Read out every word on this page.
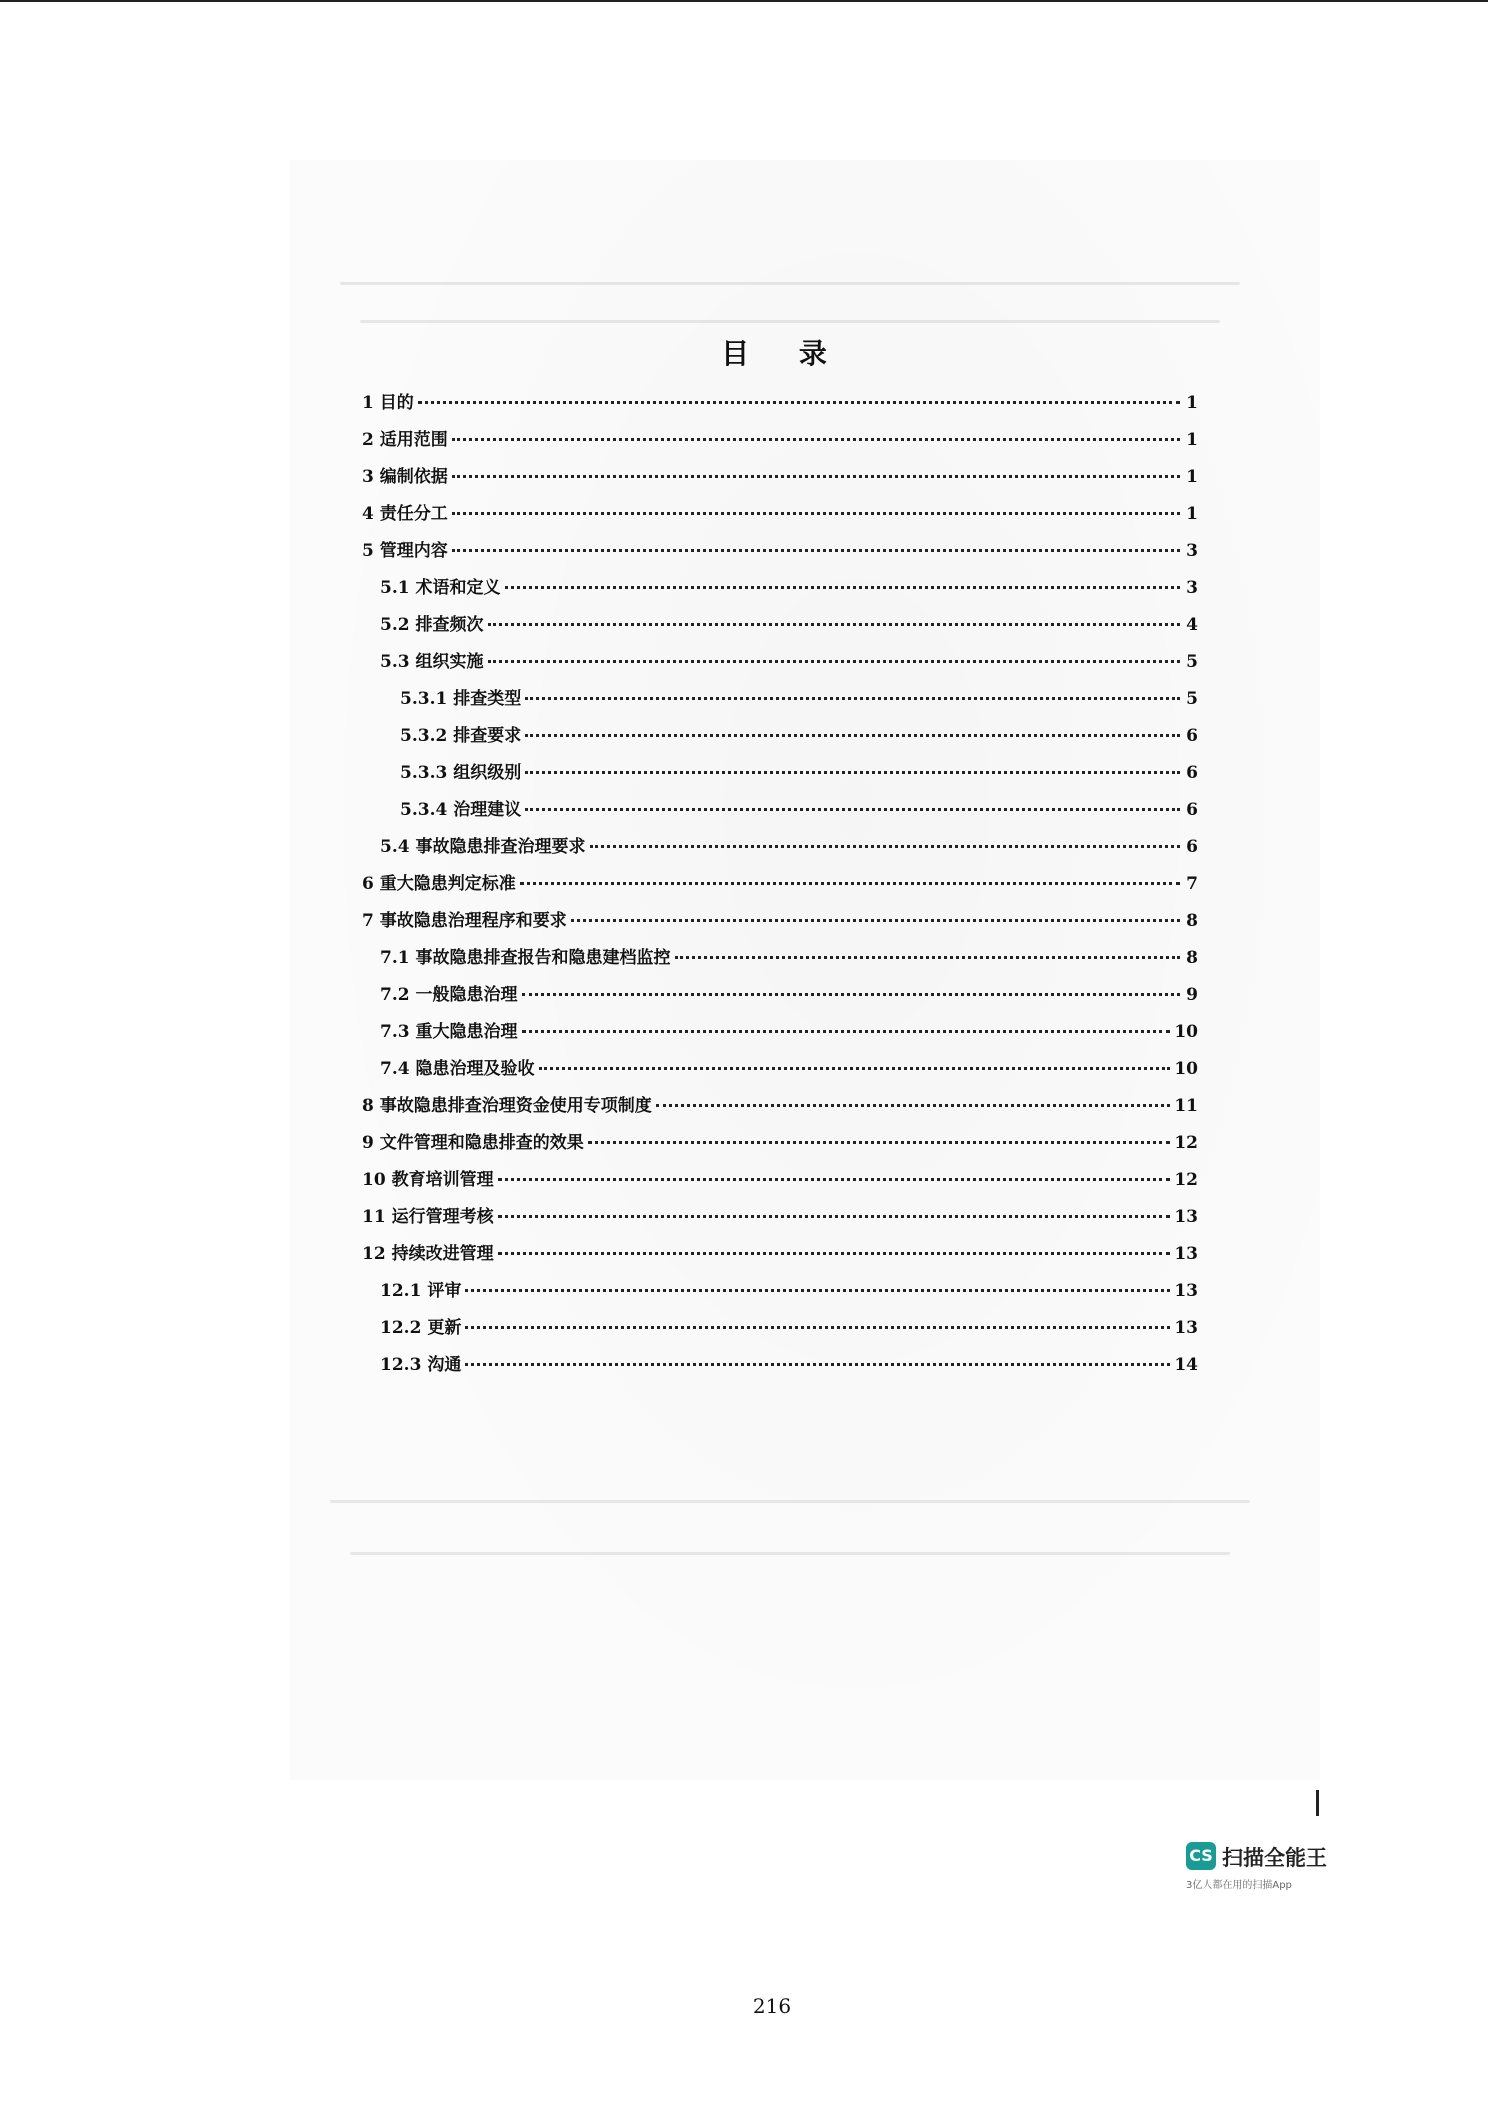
目 录
1 目的	1
2 适用范围	1
3 编制依据	1
4 责任分工	1
5 管理内容	3
5.1 术语和定义	3
5.2 排查频次	4
5.3 组织实施	5
5.3.1 排查类型	5
5.3.2 排查要求	6
5.3.3 组织级别	6
5.3.4 治理建议	6
5.4 事故隐患排查治理要求	6
6 重大隐患判定标准	7
7 事故隐患治理程序和要求	8
7.1 事故隐患排查报告和隐患建档监控	8
7.2 一般隐患治理	9
7.3 重大隐患治理	10
7.4 隐患治理及验收	10
8 事故隐患排查治理资金使用专项制度	11
9 文件管理和隐患排查的效果	12
10 教育培训管理	12
11 运行管理考核	13
12 持续改进管理	13
12.1 评审	13
12.2 更新	13
12.3 沟通	14
CS 扫描全能王
3亿人都在用的扫描App
216
